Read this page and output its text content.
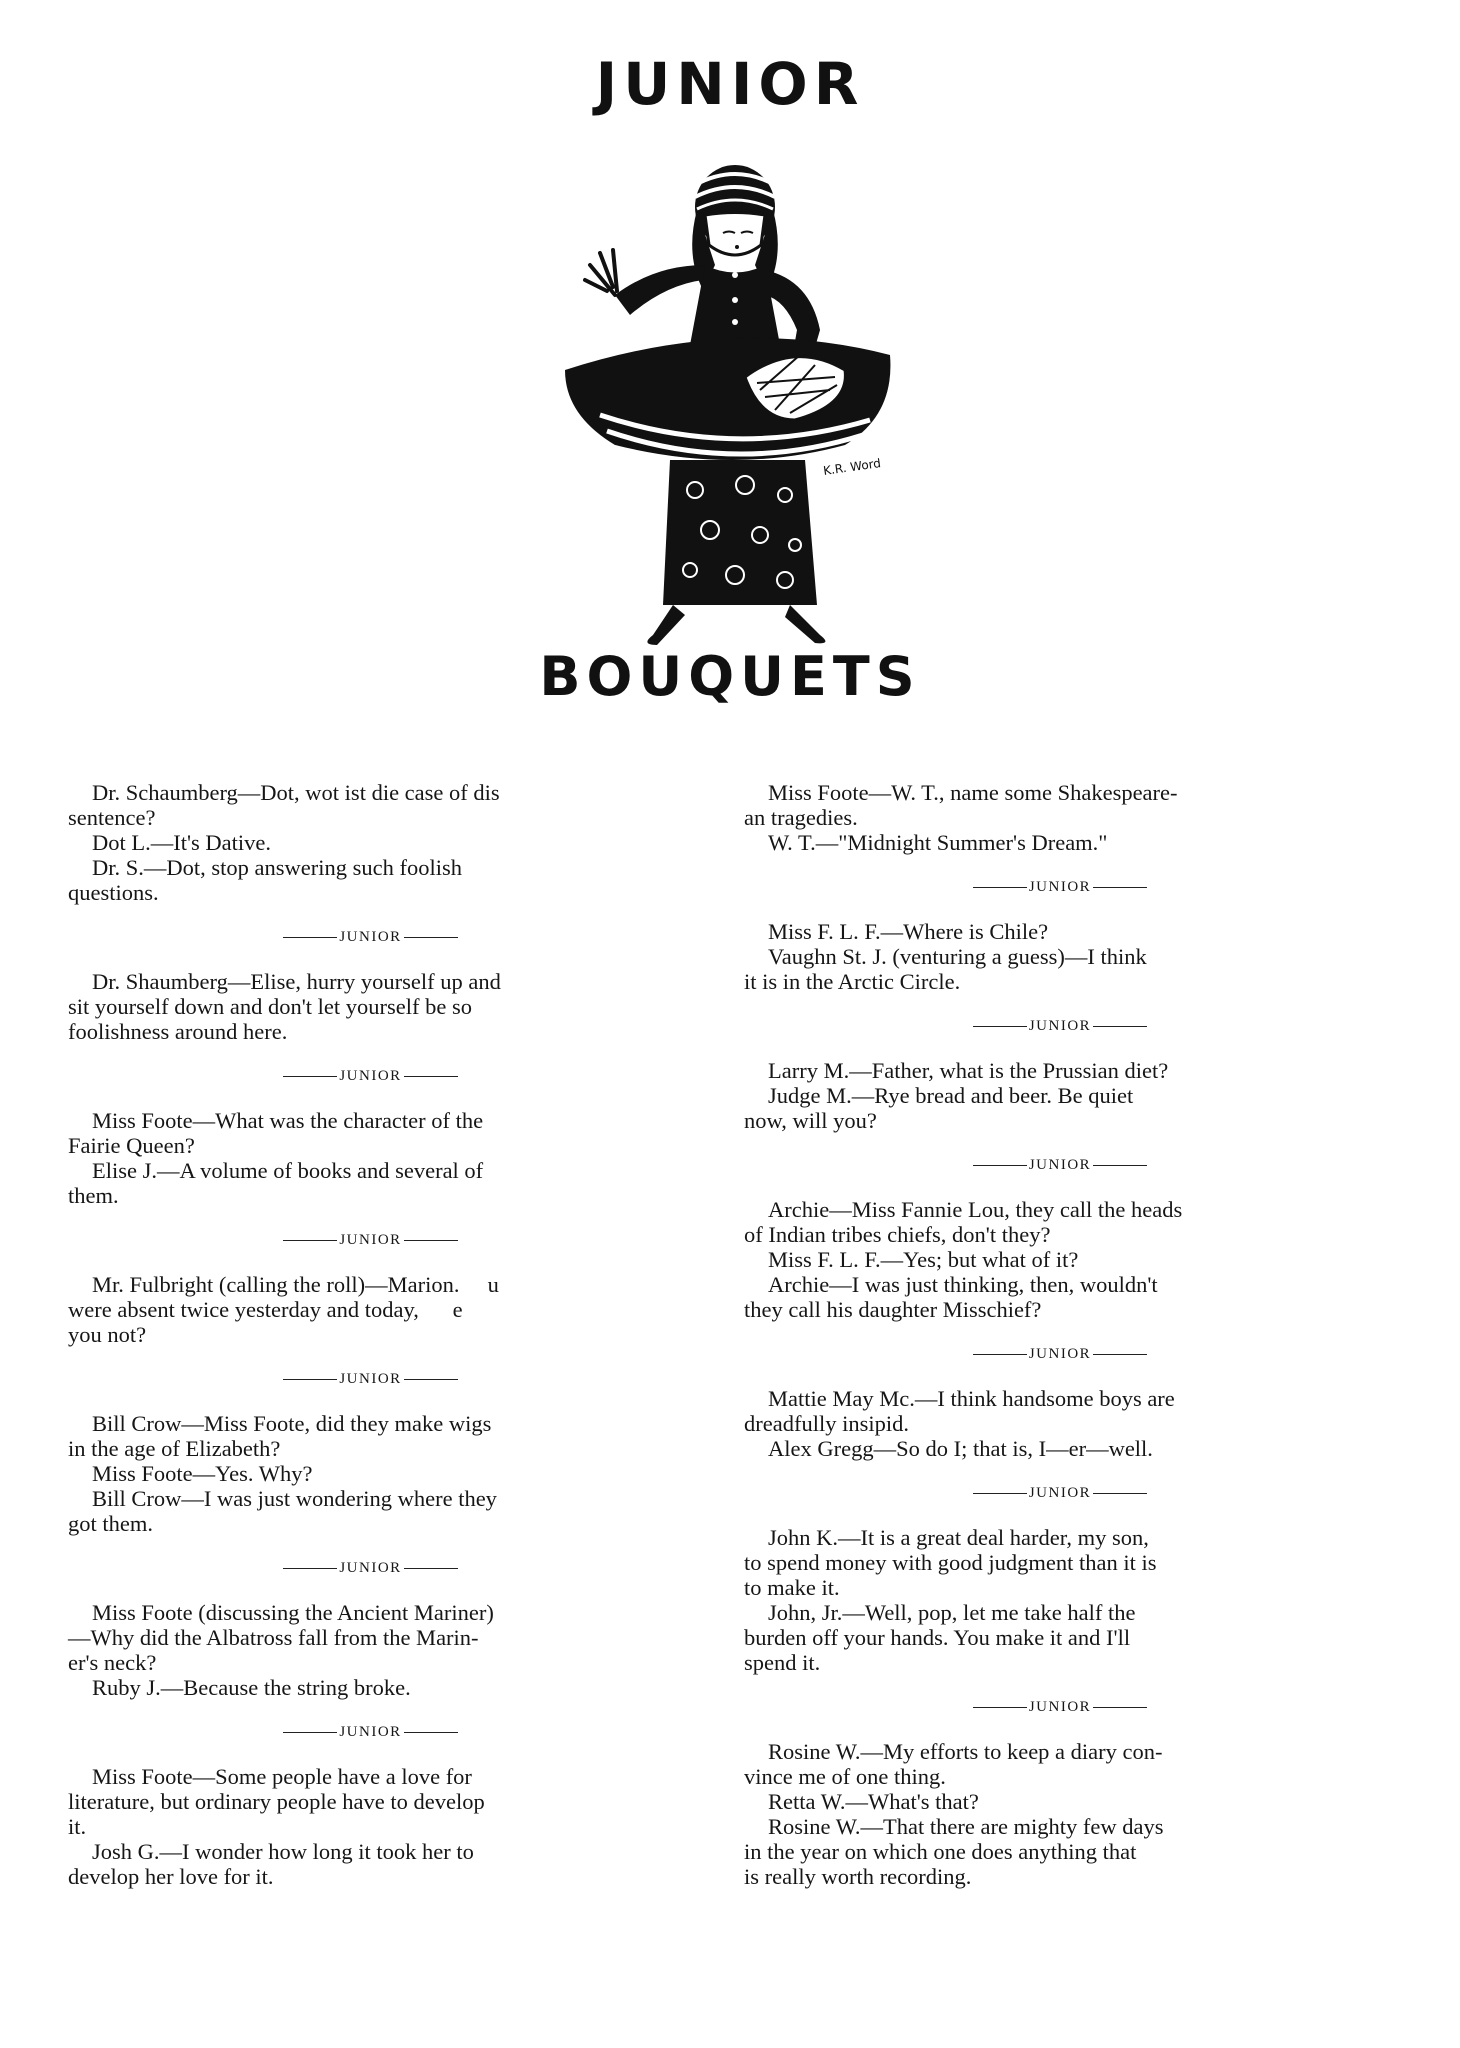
JUNIOR
K.R. Word
BOUQUETS

Dr. Schaumberg—Dot, wot ist die case of dis

sentence?

Dot L.—It's Dative.

Dr. S.—Dot, stop answering such foolish

questions.

JUNIOR

Dr. Shaumberg—Elise, hurry yourself up and

sit yourself down and don't let yourself be so

foolishness around here.

JUNIOR

Miss Foote—What was the character of the

Fairie Queen?

Elise J.—A volume of books and several of

them.

JUNIOR

Mr. Fulbright (calling the roll)—Marion.     u

were absent twice yesterday and today,      e

you not?

JUNIOR

Bill Crow—Miss Foote, did they make wigs

in the age of Elizabeth?

Miss Foote—Yes. Why?

Bill Crow—I was just wondering where they

got them.

JUNIOR

Miss Foote (discussing the Ancient Mariner)

—Why did the Albatross fall from the Marin-

er's neck?

Ruby J.—Because the string broke.

JUNIOR

Miss Foote—Some people have a love for

literature, but ordinary people have to develop

it.

Josh G.—I wonder how long it took her to

develop her love for it.

Miss Foote—W. T., name some Shakespeare-

an tragedies.

W. T.—"Midnight Summer's Dream."

JUNIOR

Miss F. L. F.—Where is Chile?

Vaughn St. J. (venturing a guess)—I think

it is in the Arctic Circle.

JUNIOR

Larry M.—Father, what is the Prussian diet?

Judge M.—Rye bread and beer. Be quiet

now, will you?

JUNIOR

Archie—Miss Fannie Lou, they call the heads

of Indian tribes chiefs, don't they?

Miss F. L. F.—Yes; but what of it?

Archie—I was just thinking, then, wouldn't

they call his daughter Misschief?

JUNIOR

Mattie May Mc.—I think handsome boys are

dreadfully insipid.

Alex Gregg—So do I; that is, I—er—well.

JUNIOR

John K.—It is a great deal harder, my son,

to spend money with good judgment than it is

to make it.

John, Jr.—Well, pop, let me take half the

burden off your hands. You make it and I'll

spend it.

JUNIOR

Rosine W.—My efforts to keep a diary con-

vince me of one thing.

Retta W.—What's that?

Rosine W.—That there are mighty few days

in the year on which one does anything that

is really worth recording.
